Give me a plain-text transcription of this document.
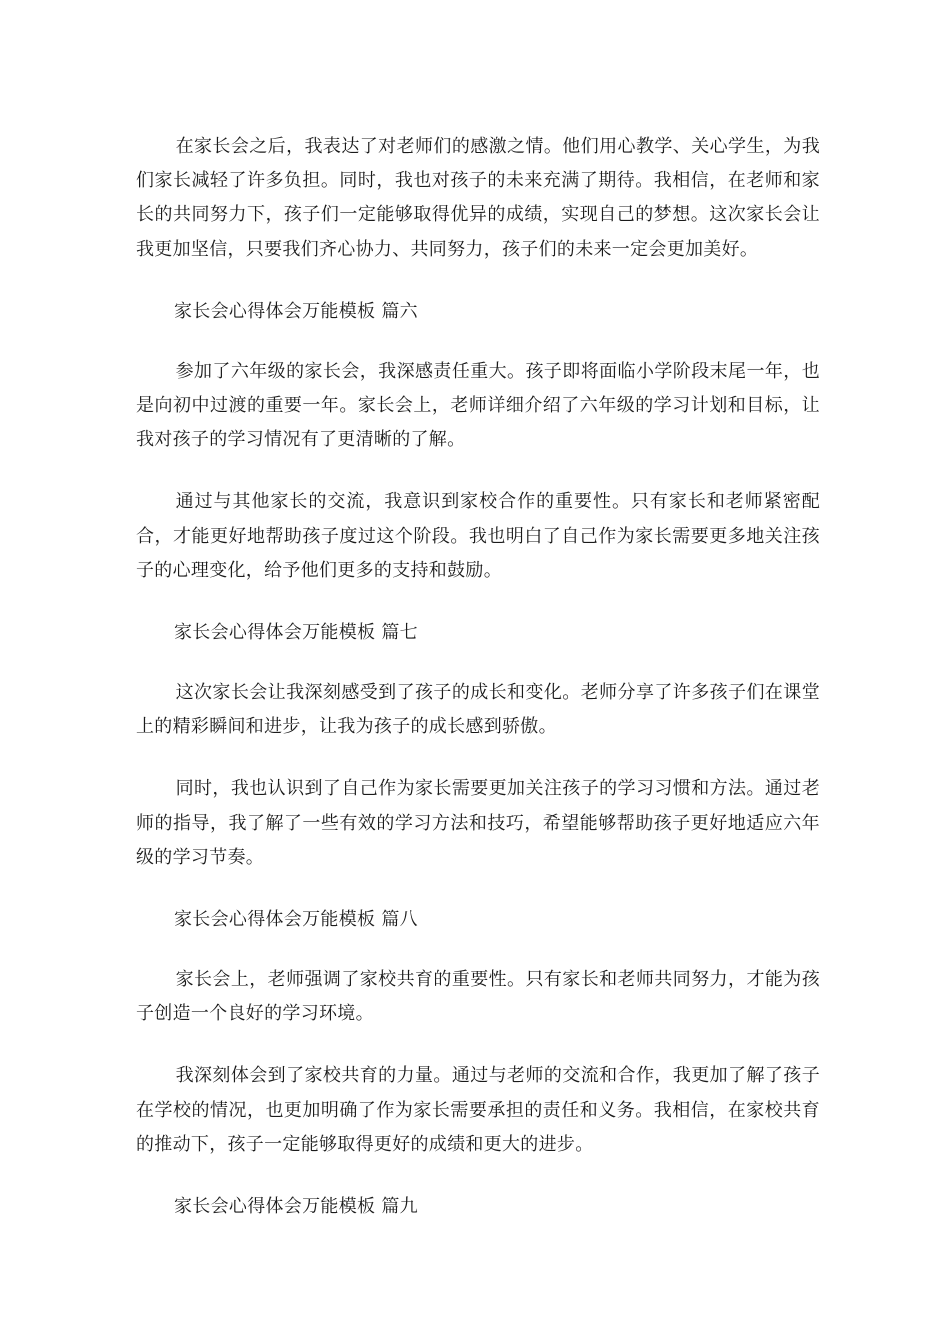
在家长会之后，我表达了对老师们的感激之情。他们用心教学、关心学生，为我们家长减轻了许多负担。同时，我也对孩子的未来充满了期待。我相信，在老师和家长的共同努力下，孩子们一定能够取得优异的成绩，实现自己的梦想。这次家长会让我更加坚信，只要我们齐心协力、共同努力，孩子们的未来一定会更加美好。

家长会心得体会万能模板 篇六

参加了六年级的家长会，我深感责任重大。孩子即将面临小学阶段末尾一年，也是向初中过渡的重要一年。家长会上，老师详细介绍了六年级的学习计划和目标，让我对孩子的学习情况有了更清晰的了解。

通过与其他家长的交流，我意识到家校合作的重要性。只有家长和老师紧密配合，才能更好地帮助孩子度过这个阶段。我也明白了自己作为家长需要更多地关注孩子的心理变化，给予他们更多的支持和鼓励。

家长会心得体会万能模板 篇七

这次家长会让我深刻感受到了孩子的成长和变化。老师分享了许多孩子们在课堂上的精彩瞬间和进步，让我为孩子的成长感到骄傲。

同时，我也认识到了自己作为家长需要更加关注孩子的学习习惯和方法。通过老师的指导，我了解了一些有效的学习方法和技巧，希望能够帮助孩子更好地适应六年级的学习节奏。

家长会心得体会万能模板 篇八

家长会上，老师强调了家校共育的重要性。只有家长和老师共同努力，才能为孩子创造一个良好的学习环境。

我深刻体会到了家校共育的力量。通过与老师的交流和合作，我更加了解了孩子在学校的情况，也更加明确了作为家长需要承担的责任和义务。我相信，在家校共育的推动下，孩子一定能够取得更好的成绩和更大的进步。

家长会心得体会万能模板 篇九
